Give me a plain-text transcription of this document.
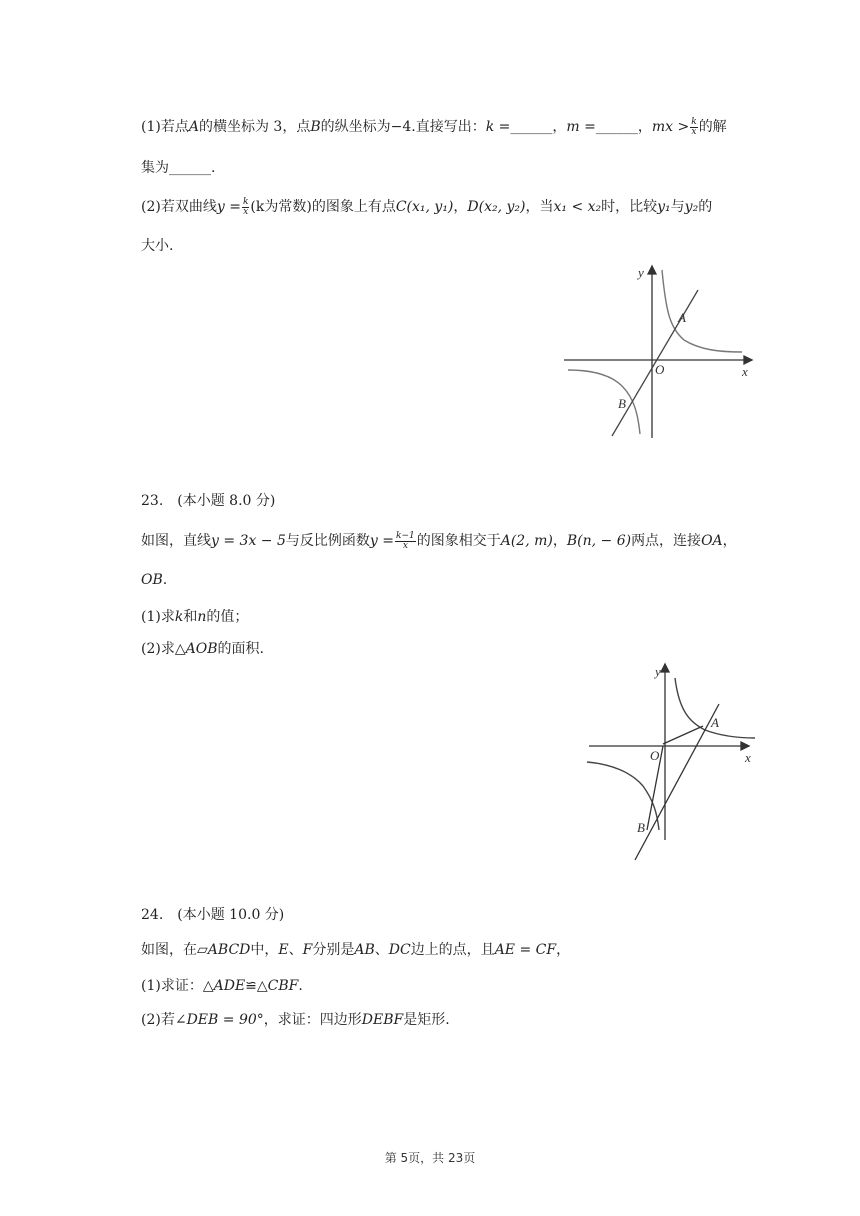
(1)若点A的横坐标为 3，点B的纵坐标为−4.直接写出：k =______，m =______，mx > $\frac{k}{x}$ 的解
集为______.
(2)若双曲线$y = \frac{k}{x} (k$为常数)的图象上有点C(x₁, y₁)，D(x₂, y₂)，当x₁ < x₂时，比较y₁与y₂的
大小.
y
x
O
A
B
23. (本小题 8.0 分)
如图，直线y = 3x − 5与反比例函数$y = \frac{k-1}{x}$ 的图象相交于A(2, m)，B(n, − 6)两点，连接OA，
OB.
(1)求k和n的值；
(2)求△AOB的面积.
y
x
O
A
B
24. (本小题 10.0 分)
如图，在▱ABCD中，E、F分别是AB、DC边上的点，且AE = CF，
(1)求证：△ADE≌△CBF.
(2)若∠DEB = 90°，求证：四边形DEBF是矩形.
第 5页，共 23页
